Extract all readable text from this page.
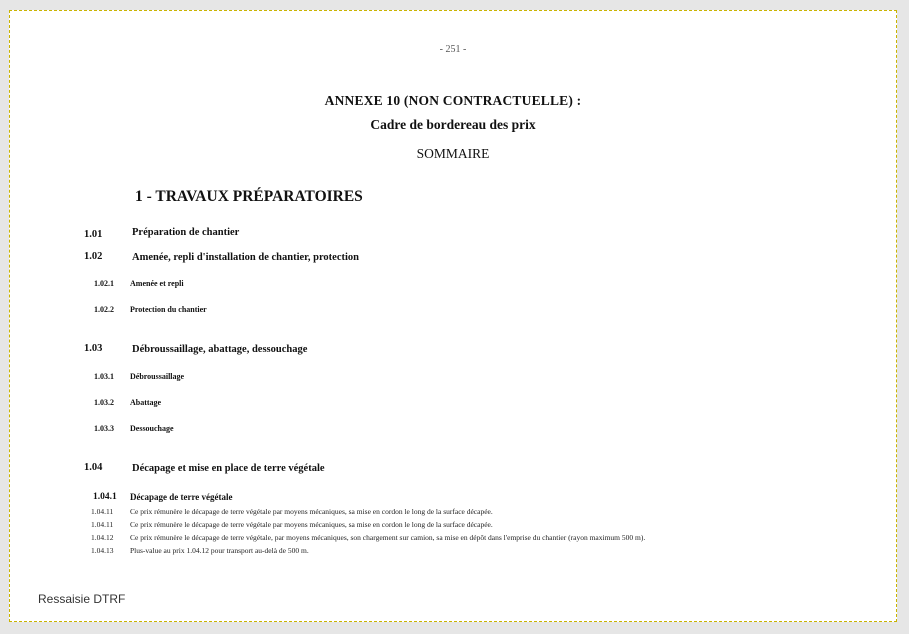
- 251 -
ANNEXE 10 (NON CONTRACTUELLE) :
Cadre de bordereau des prix
SOMMAIRE
1 - TRAVAUX PRÉPARATOIRES
1.01	Préparation de chantier
1.02	Amenée, repli d'installation de chantier, protection
1.02.1 Amenée et repli
1.02.2 Protection du chantier
1.03	Débroussaillage, abattage, dessouchage
1.03.1 Débroussaillage
1.03.2 Abattage
1.03.3 Dessouchage
1.04	Décapage et mise en place de terre végétale
1.04.1 Décapage de terre végétale
1.04.11 Ce prix rémunère le décapage de terre végétale par moyens mécaniques, sa mise en cordon le long de la surface décapée.
1.04.11 Ce prix rémunère le décapage de terre végétale par moyens mécaniques, sa mise en cordon le long de la surface décapée.
1.04.12 Ce prix rémunère le décapage de terre végétale, par moyens mécaniques, son chargement sur camion, sa mise en dépôt dans l'emprise du chantier (rayon maximum 500 m).
1.04.13 Plus-value au prix 1.04.12 pour transport au-delà de 500 m.
Ressaisie DTRF
